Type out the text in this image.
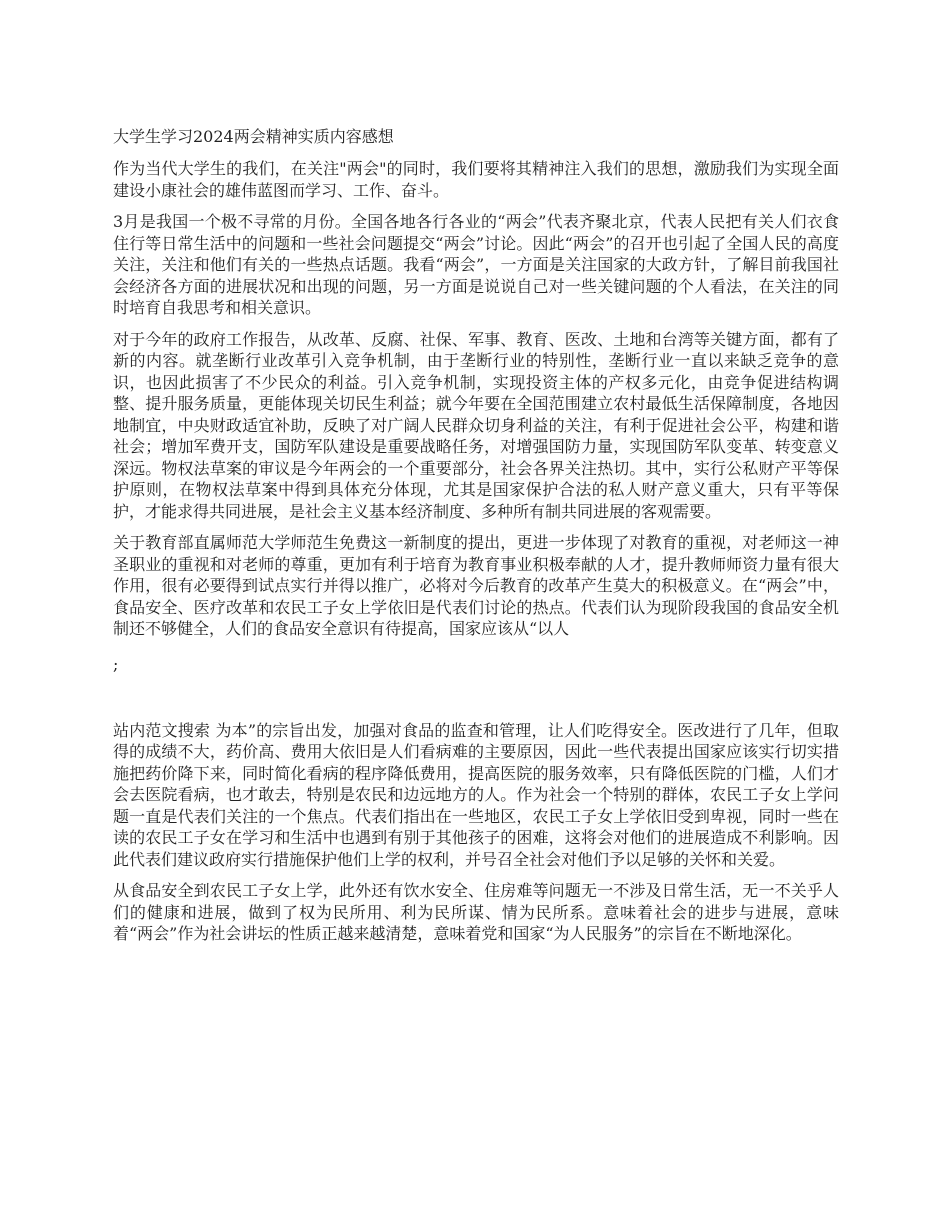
大学生学习2024两会精神实质内容感想

作为当代大学生的我们，在关注"两会"的同时，我们要将其精神注入我们的思想，激励我们为实现全面建设小康社会的雄伟蓝图而学习、工作、奋斗。

3月是我国一个极不寻常的月份。全国各地各行各业的“两会”代表齐聚北京，代表人民把有关人们衣食住行等日常生活中的问题和一些社会问题提交“两会”讨论。因此“两会”的召开也引起了全国人民的高度关注，关注和他们有关的一些热点话题。我看“两会”，一方面是关注国家的大政方针，了解目前我国社会经济各方面的进展状况和出现的问题，另一方面是说说自己对一些关键问题的个人看法，在关注的同时培育自我思考和相关意识。

对于今年的政府工作报告，从改革、反腐、社保、军事、教育、医改、土地和台湾等关键方面，都有了新的内容。就垄断行业改革引入竞争机制，由于垄断行业的特别性，垄断行业一直以来缺乏竞争的意识，也因此损害了不少民众的利益。引入竞争机制，实现投资主体的产权多元化，由竞争促进结构调整、提升服务质量，更能体现关切民生利益；就今年要在全国范围建立农村最低生活保障制度，各地因地制宜，中央财政适宜补助，反映了对广阔人民群众切身利益的关注，有利于促进社会公平，构建和谐社会；增加军费开支，国防军队建设是重要战略任务，对增强国防力量，实现国防军队变革、转变意义深远。物权法草案的审议是今年两会的一个重要部分，社会各界关注热切。其中，实行公私财产平等保护原则，在物权法草案中得到具体充分体现，尤其是国家保护合法的私人财产意义重大，只有平等保护，才能求得共同进展，是社会主义基本经济制度、多种所有制共同进展的客观需要。

关于教育部直属师范大学师范生免费这一新制度的提出，更进一步体现了对教育的重视，对老师这一神圣职业的重视和对老师的尊重，更加有利于培育为教育事业积极奉献的人才，提升教师师资力量有很大作用，很有必要得到试点实行并得以推广，必将对今后教育的改革产生莫大的积极意义。在“两会”中，食品安全、医疗改革和农民工子女上学依旧是代表们讨论的热点。代表们认为现阶段我国的食品安全机制还不够健全，人们的食品安全意识有待提高，国家应该从“以人

;

站内范文搜索 为本”的宗旨出发，加强对食品的监查和管理，让人们吃得安全。医改进行了几年，但取得的成绩不大，药价高、费用大依旧是人们看病难的主要原因，因此一些代表提出国家应该实行切实措施把药价降下来，同时简化看病的程序降低费用，提高医院的服务效率，只有降低医院的门槛，人们才会去医院看病，也才敢去，特别是农民和边远地方的人。作为社会一个特别的群体，农民工子女上学问题一直是代表们关注的一个焦点。代表们指出在一些地区，农民工子女上学依旧受到卑视，同时一些在读的农民工子女在学习和生活中也遇到有别于其他孩子的困难，这将会对他们的进展造成不利影响。因此代表们建议政府实行措施保护他们上学的权利，并号召全社会对他们予以足够的关怀和关爱。

从食品安全到农民工子女上学，此外还有饮水安全、住房难等问题无一不涉及日常生活，无一不关乎人们的健康和进展，做到了权为民所用、利为民所谋、情为民所系。意味着社会的进步与进展，意味着“两会”作为社会讲坛的性质正越来越清楚，意味着党和国家“为人民服务”的宗旨在不断地深化。
